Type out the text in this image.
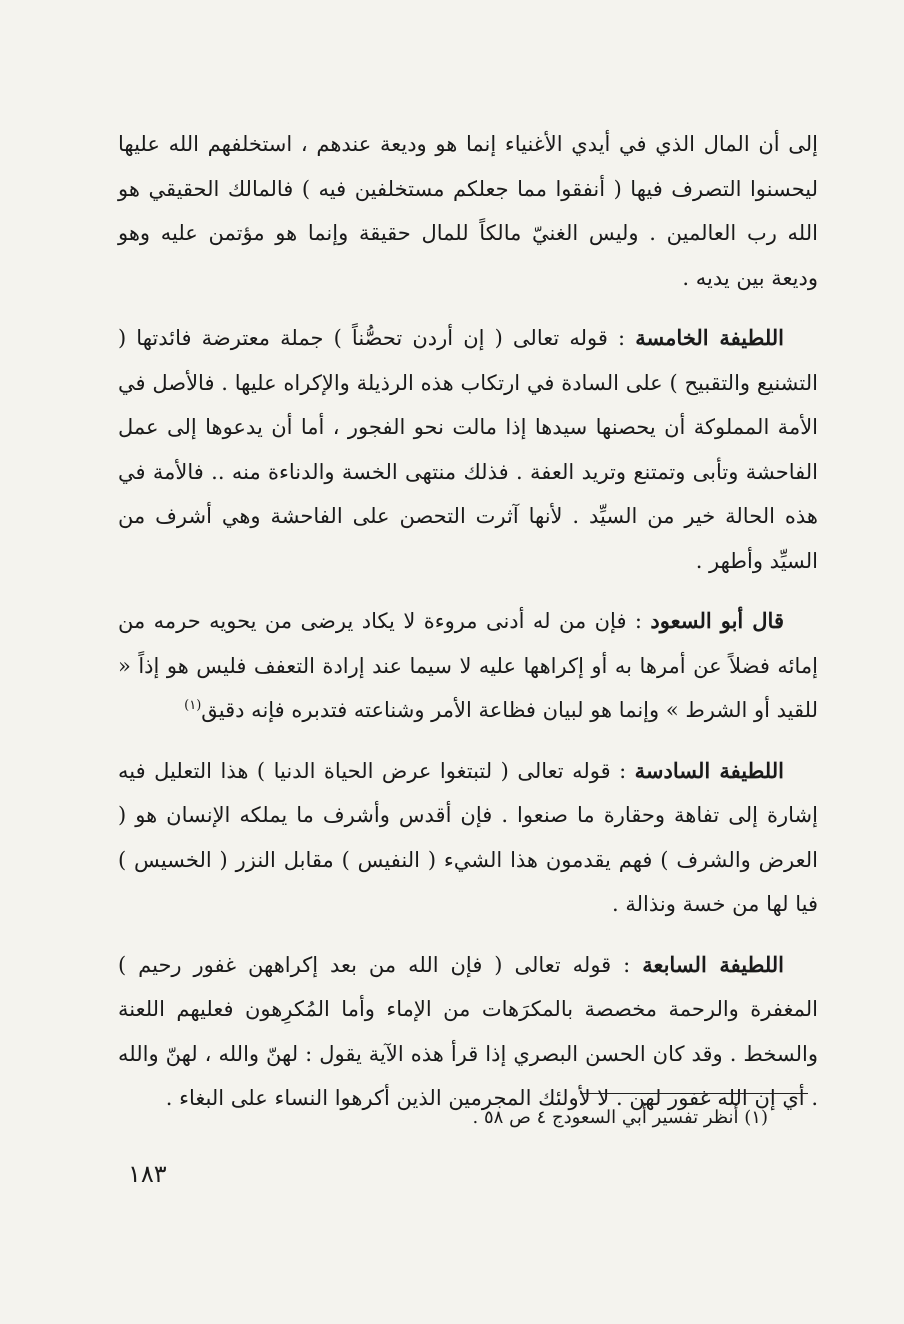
إلى أن المال الذي في أيدي الأغنياء إنما هو وديعة عندهم ، استخلفهم الله عليها ليحسنوا التصرف فيها ( أنفقوا مما جعلكم مستخلفين فيه ) فالمالك الحقيقي هو الله رب العالمين . وليس الغنيّ مالكاً للمال حقيقة وإنما هو مؤتمن عليه وهو وديعة بين يديه .

اللطيفة الخامسة : قوله تعالى ( إن أردن تحصُّناً ) جملة معترضة فائدتها ( التشنيع والتقبيح ) على السادة في ارتكاب هذه الرذيلة والإكراه عليها . فالأصل في الأمة المملوكة أن يحصنها سيدها إذا مالت نحو الفجور ، أما أن يدعوها إلى عمل الفاحشة وتأبى وتمتنع وتريد العفة . فذلك منتهى الخسة والدناءة منه .. فالأمة في هذه الحالة خير من السيِّد . لأنها آثرت التحصن على الفاحشة وهي أشرف من السيِّد وأطهر .

قال أبو السعود : فإن من له أدنى مروءة لا يكاد يرضى من يحويه حرمه من إمائه فضلاً عن أمرها به أو إكراهها عليه لا سيما عند إرادة التعفف فليس هو إذاً « للقيد أو الشرط » وإنما هو لبيان فظاعة الأمر وشناعته فتدبره فإنه دقيق$^{(١)}$

اللطيفة السادسة : قوله تعالى ( لتبتغوا عرض الحياة الدنيا ) هذا التعليل فيه إشارة إلى تفاهة وحقارة ما صنعوا . فإن أقدس وأشرف ما يملكه الإنسان هو ( العرض والشرف ) فهم يقدمون هذا الشيء ( النفيس ) مقابل النزر ( الخسيس ) فيا لها من خسة ونذالة .

اللطيفة السابعة : قوله تعالى ( فإن الله من بعد إكراههن غفور رحيم ) المغفرة والرحمة مخصصة بالمكرَهات من الإماء وأما المُكرِهون فعليهم اللعنة والسخط . وقد كان الحسن البصري إذا قرأ هذه الآية يقول : لهنّ والله ، لهنّ والله . أي إن الله غفور لهن . لا لأولئك المجرمين الذين أكرهوا النساء على البغاء .

(١) أنظر تفسير أبي السعودج ٤ ص ٥٨ .
١٨٣
